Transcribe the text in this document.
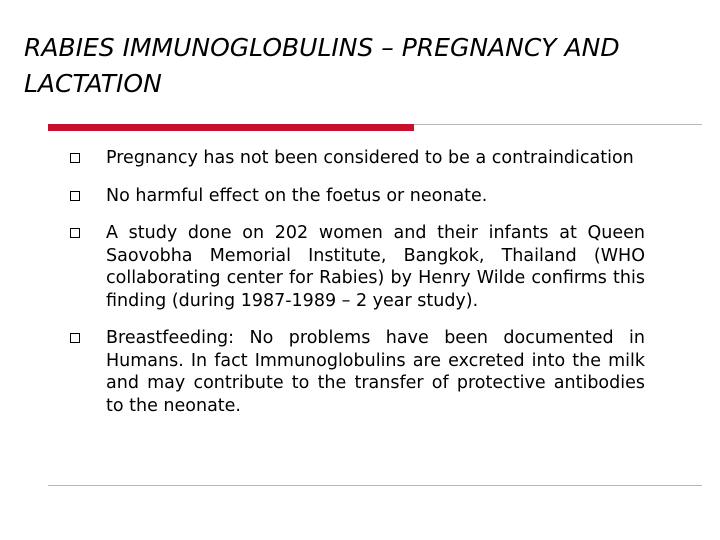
RABIES IMMUNOGLOBULINS – PREGNANCY AND LACTATION
Pregnancy has not been considered to be a contraindication
No harmful effect on the foetus or neonate.
A study done on 202 women and their infants at Queen Saovobha Memorial Institute, Bangkok, Thailand (WHO collaborating center for Rabies) by Henry Wilde confirms this finding (during 1987-1989 – 2 year study).
Breastfeeding: No problems have been documented in Humans. In fact Immunoglobulins are excreted into the milk and may contribute to the transfer of protective antibodies to the neonate.
